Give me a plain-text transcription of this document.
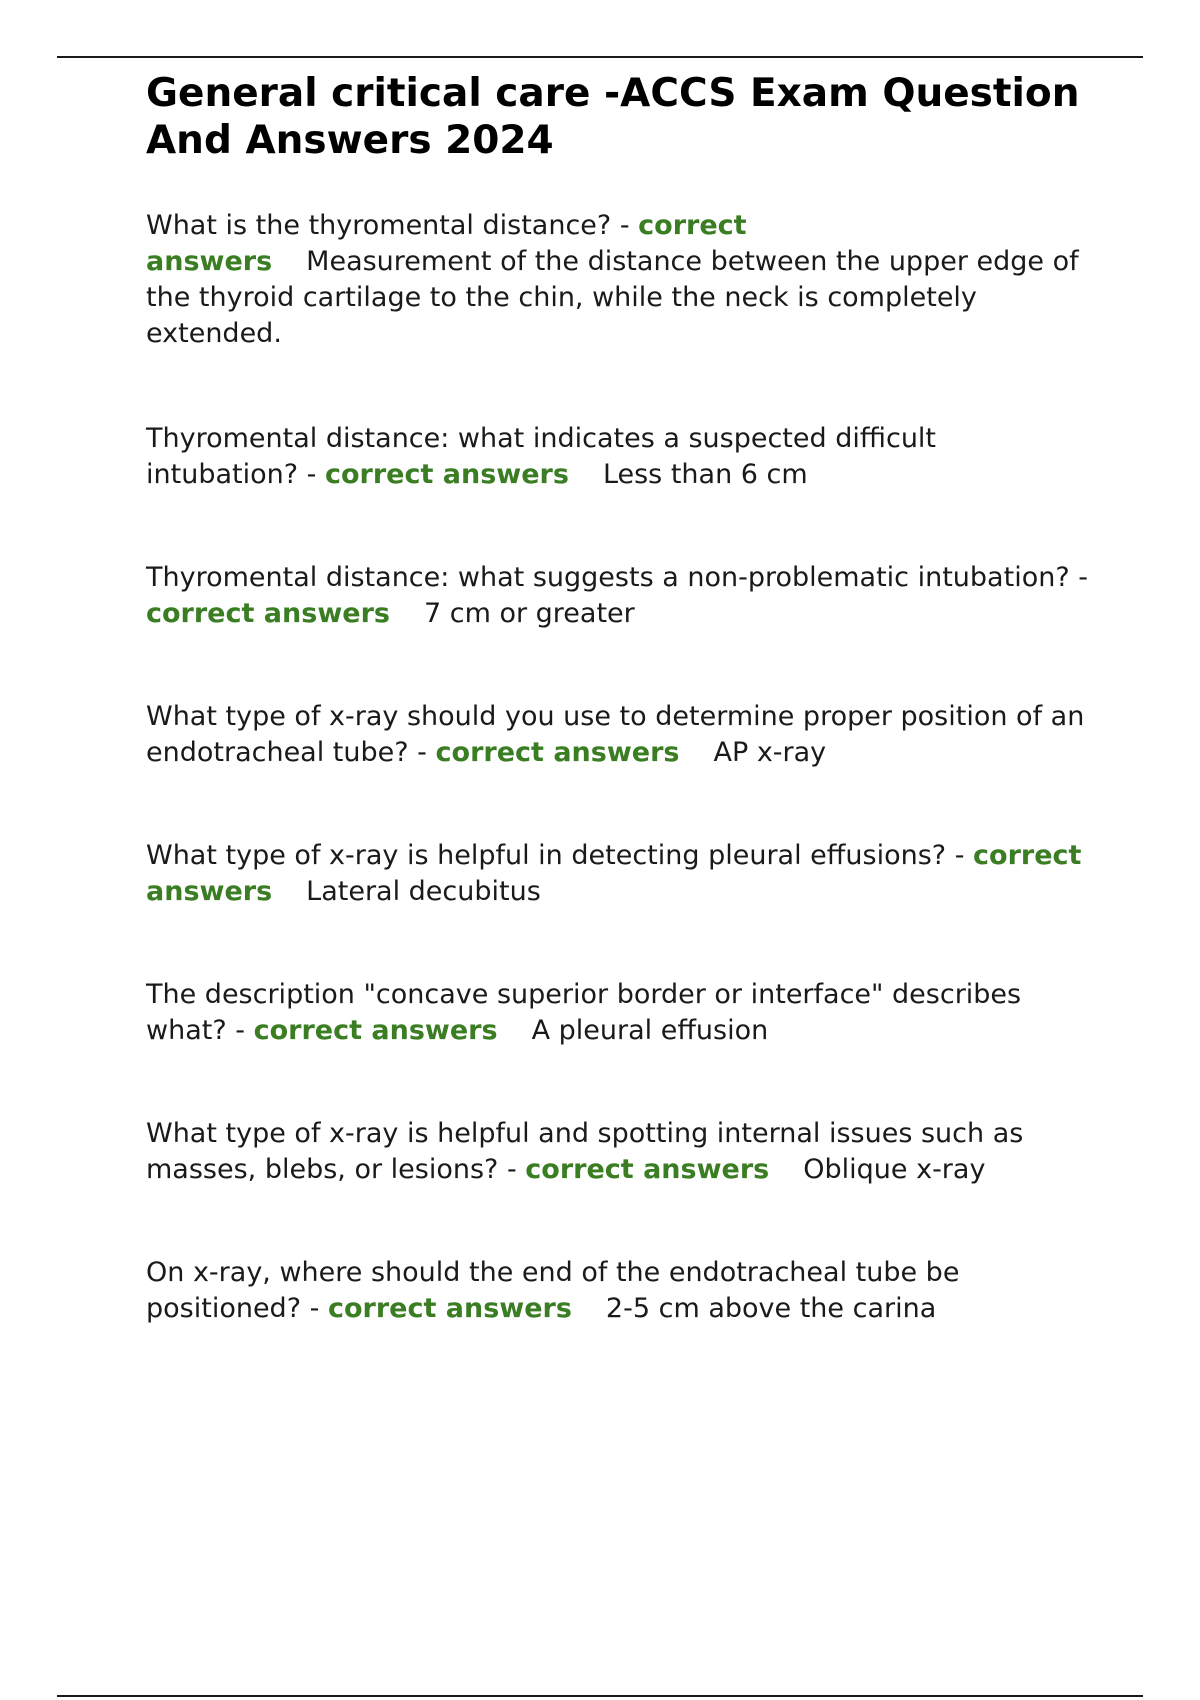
General critical care -ACCS Exam Question And Answers 2024
What is the thyromental distance? - correct answers Measurement of the distance between the upper edge of the thyroid cartilage to the chin, while the neck is completely extended.
Thyromental distance: what indicates a suspected difficult intubation? - correct answers Less than 6 cm
Thyromental distance: what suggests a non-problematic intubation? - correct answers 7 cm or greater
What type of x-ray should you use to determine proper position of an endotracheal tube? - correct answers AP x-ray
What type of x-ray is helpful in detecting pleural effusions? - correct answers Lateral decubitus
The description "concave superior border or interface" describes what? - correct answers A pleural effusion
What type of x-ray is helpful and spotting internal issues such as masses, blebs, or lesions? - correct answers Oblique x-ray
On x-ray, where should the end of the endotracheal tube be positioned? - correct answers 2-5 cm above the carina
